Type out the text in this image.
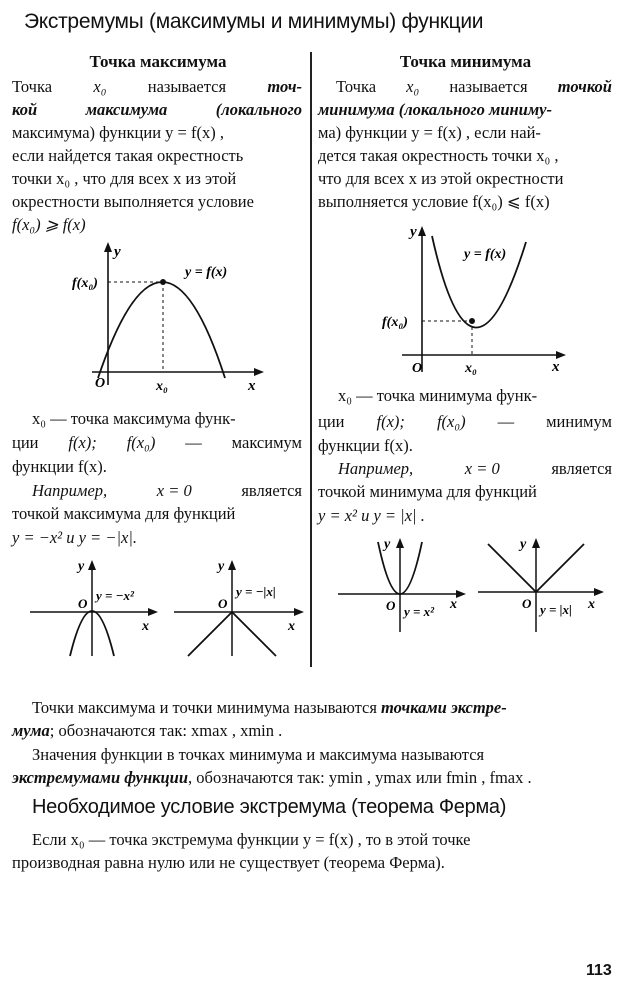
Экстремумы (максимумы и минимумы) функции
Точка максимума
Точка	x₀	называется	точ-
кой	максимума	(локального
максимума) функции y = f(x) ,
если найдется такая окрестность
точки x₀ , что для всех x из этой
окрестности выполняется условие
f(x₀) ⩾ f(x)
y
x
O	x₀
f(x₀)
y = f(x)
x₀ — точка максимума функ-
ции f(x); f(x₀) — максимум
функции f(x).
Например,	x = 0	является
точкой максимума для функций
y = −x² и y = −|x|.
y
x
O
y = −x²
y
x
O
y = −|x|
Точка минимума
Точка x₀ называется точкой
минимума (локального миниму-
ма) функции y = f(x) , если най-
дется такая окрестность точки x₀ ,
что для всех x из этой окрестности
выполняется условие f(x₀) ⩽ f(x)
y
x
O	x₀
f(x₀)
y = f(x)
x₀ — точка минимума функ-
ции f(x); f(x₀) — минимум
функции f(x).
Например,	x = 0	является
точкой минимума для функций
y = x² и y = |x| .
y
x
O y = x²
y
x
O y = |x|
Точки максимума и точки минимума называются точками экстре-
мума; обозначаются так: xmax , xmin .
Значения функции в точках минимума и максимума называются
экстремумами функции, обозначаются так: ymin , ymax или fmin , fmax .
Необходимое условие экстремума (теорема Ферма)
Если x₀ — точка экстремума функции y = f(x) , то в этой точке
производная равна нулю или не существует (теорема Ферма).
113
